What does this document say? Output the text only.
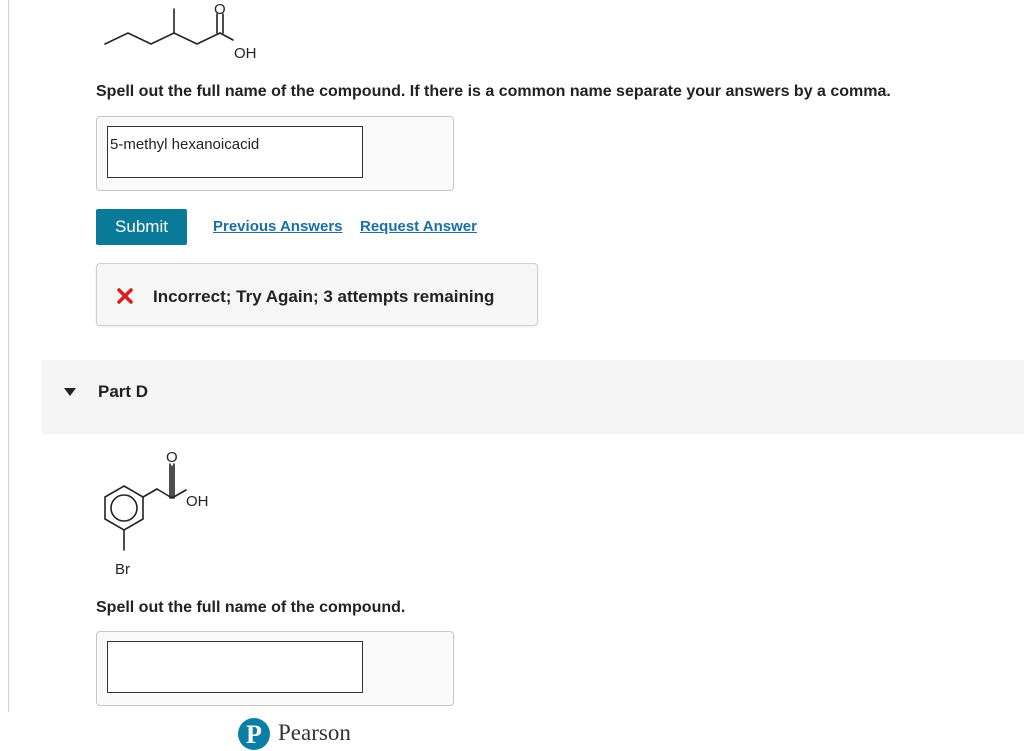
O
OH
Spell out the full name of the compound. If there is a common name separate your answers by a comma.
5-methyl hexanoicacid
Submit	Previous Answers Request Answer
Incorrect; Try Again; 3 attempts remaining
Part D
O
OH
Br
Spell out the full name of the compound.
P Pearson
